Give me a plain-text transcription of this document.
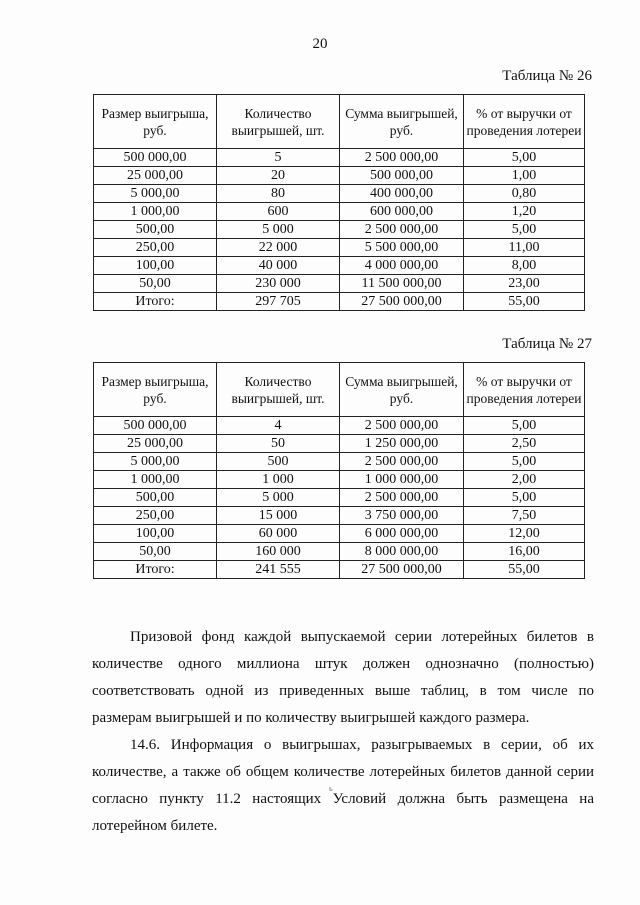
20
Таблица № 26
Размер выигрыша, руб.	Количество выигрышей, шт.	Сумма выигрышей, руб.	% от выручки от проведения лотереи
500 000,00	5	2 500 000,00	5,00
25 000,00	20	500 000,00	1,00
5 000,00	80	400 000,00	0,80
1 000,00	600	600 000,00	1,20
500,00	5 000	2 500 000,00	5,00
250,00	22 000	5 500 000,00	11,00
100,00	40 000	4 000 000,00	8,00
50,00	230 000	11 500 000,00	23,00
Итого:	297 705	27 500 000,00	55,00
Таблица № 27
Размер выигрыша, руб.	Количество выигрышей, шт.	Сумма выигрышей, руб.	% от выручки от проведения лотереи
500 000,00	4	2 500 000,00	5,00
25 000,00	50	1 250 000,00	2,50
5 000,00	500	2 500 000,00	5,00
1 000,00	1 000	1 000 000,00	2,00
500,00	5 000	2 500 000,00	5,00
250,00	15 000	3 750 000,00	7,50
100,00	60 000	6 000 000,00	12,00
50,00	160 000	8 000 000,00	16,00
Итого:	241 555	27 500 000,00	55,00

Призовой фонд каждой выпускаемой серии лотерейных билетов в количестве одного миллиона штук должен однозначно (полностью) соответствовать одной из приведенных выше таблиц, в том числе по размерам выигрышей и по количеству выигрышей каждого размера.

14.6. Информация о выигрышах, разыгрываемых в серии, об их количестве, а также об общем количестве лотерейных билетов данной серии согласно пункту 11.2 настоящих Условий должна быть размещена на лотерейном билете.

ь
